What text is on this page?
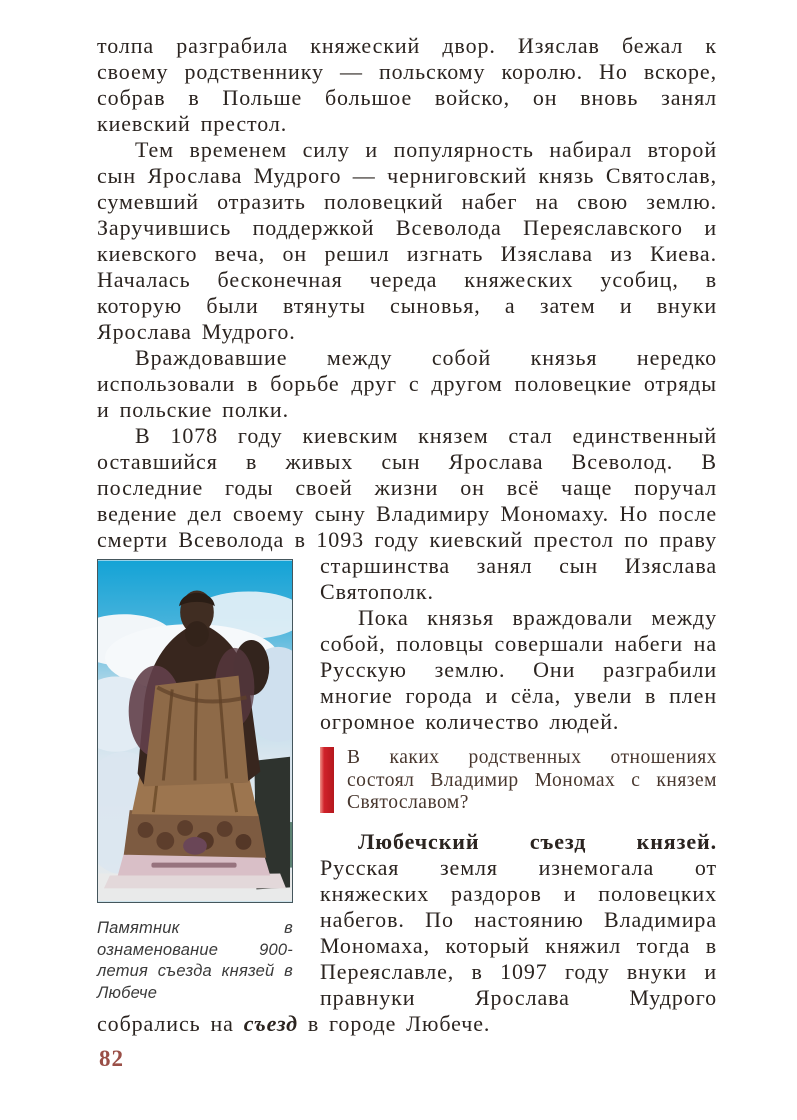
толпа разграбила княжеский двор. Изяслав бежал к своему родственнику — польскому королю. Но вскоре, собрав в Польше большое войско, он вновь занял киевский престол.

Тем временем силу и популярность набирал второй сын Ярослава Мудрого — черниговский князь Святослав, сумевший отразить половецкий набег на свою землю. Заручившись поддержкой Всеволода Переяславского и киевского веча, он решил изгнать Изяслава из Киева. Началась бесконечная череда княжеских усобиц, в которую были втянуты сыновья, а затем и внуки Ярослава Мудрого.

Враждовавшие между собой князья нередко использовали в борьбе друг с другом половецкие отряды и польские полки.

В 1078 году киевским князем стал единственный оставшийся в живых сын Ярослава Всеволод. В последние годы своей жизни он всё чаще поручал ведение дел своему сыну Владимиру Мономаху. Но после смерти Всеволода в 1093 году киевский престол по праву старшинства занял сын
Памятник в ознаменование 900-летия съезда князей в Любече
Изяслава Святополк.

Пока князья враждовали между собой, половцы совершали набеги на Русскую землю. Они разграбили многие города и сёла, увели в плен огромное количество людей.

В каких родственных отношениях состоял Владимир Мономах с князем Святославом?

Любечский съезд князей. Русская земля изнемогала от княжеских раздоров и половецких набегов. По настоянию Владимира Мономаха, который княжил тогда в Переяславле, в 1097 году внуки и правнуки Ярослава Мудрого собрались на съезд в городе Любече.

82
